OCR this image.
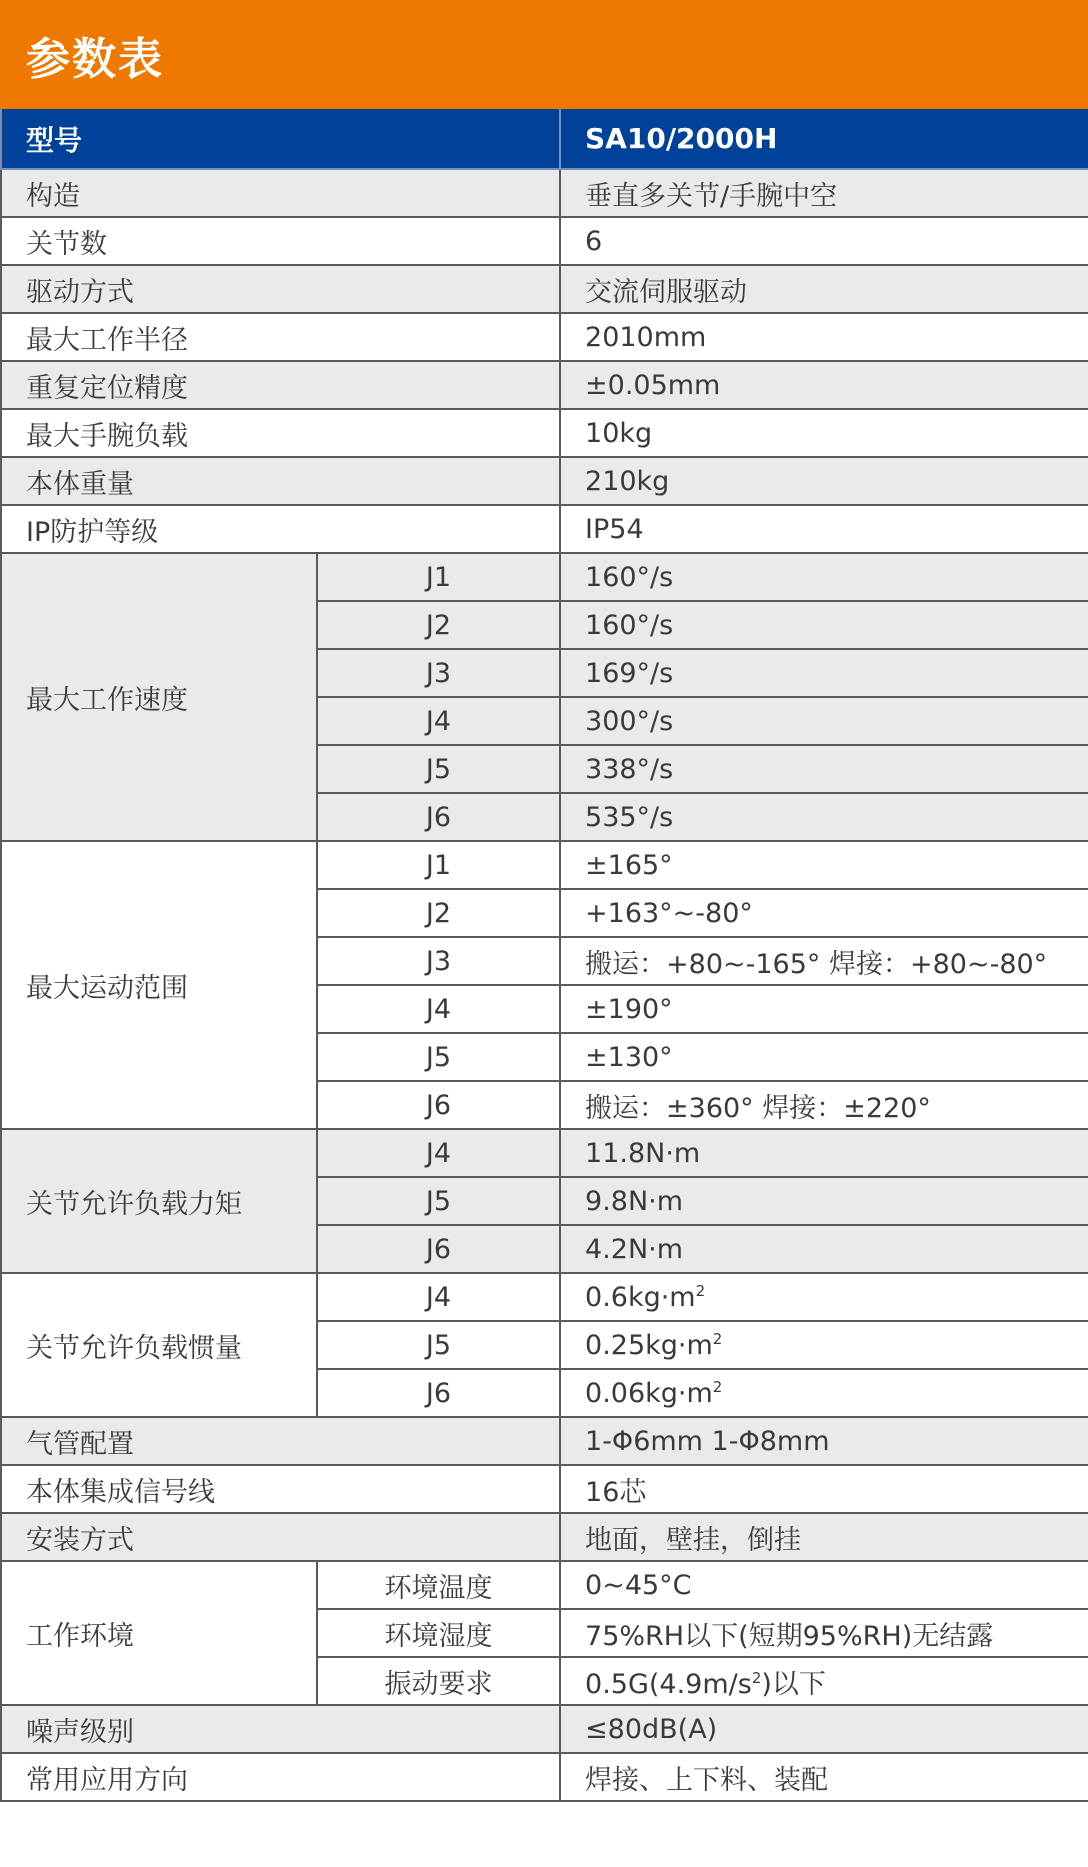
参数表
型号		SA10/2000H
构造		垂直多关节/手腕中空
关节数		6
驱动方式		交流伺服驱动
最大工作半径		2010mm
重复定位精度		±0.05mm
最大手腕负载		10kg
本体重量		210kg
IP防护等级		IP54
最大工作速度	J1	160°/s
	J2	160°/s
	J3	169°/s
	J4	300°/s
	J5	338°/s
	J6	535°/s
最大运动范围	J1	±165°
	J2	+163°~-80°
	J3	搬运：+80~-165° 焊接：+80~-80°
	J4	±190°
	J5	±130°
	J6	搬运：±360° 焊接：±220°
关节允许负载力矩	J4	11.8N·m
	J5	9.8N·m
	J6	4.2N·m
关节允许负载惯量	J4	$0.6kg\cdot m^2$
	J5	$0.25kg\cdot m^2$
	J6	$0.06kg\cdot m^2$
气管配置		1-Φ6mm 1-Φ8mm
本体集成信号线		16芯
安装方式		地面，壁挂，倒挂
工作环境	环境温度	0~45°C
	环境湿度	75%RH以下(短期95%RH)无结露
	振动要求	$0.5G(4.9m/s^2)$以下
噪声级别		≤80dB(A)
常用应用方向		焊接、上下料、装配
